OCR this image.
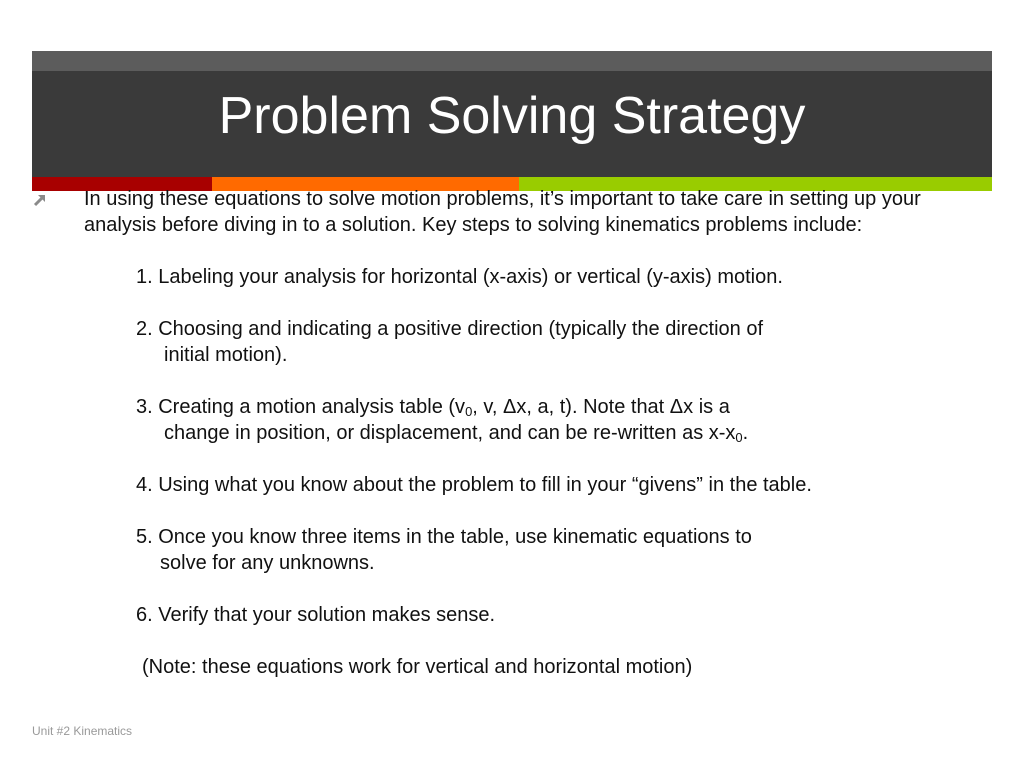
Problem Solving Strategy

In using these equations to solve motion problems, it’s important to take care in setting up your analysis before diving in to a solution. Key steps to solving kinematics problems include:

1. Labeling your analysis for horizontal (x-axis) or vertical (y-axis) motion.
2. Choosing and indicating a positive direction (typically the direction of
initial motion).
3. Creating a motion analysis table ($v_0$, v, Δx, a, t). Note that Δx is a
change in position, or displacement, and can be re-written as $x-x_0$.
4. Using what you know about the problem to fill in your “givens” in the table.
5. Once you know three items in the table, use kinematic equations to
solve for any unknowns.
6. Verify that your solution makes sense.
(Note: these equations work for vertical and horizontal motion)
Unit #2 Kinematics
